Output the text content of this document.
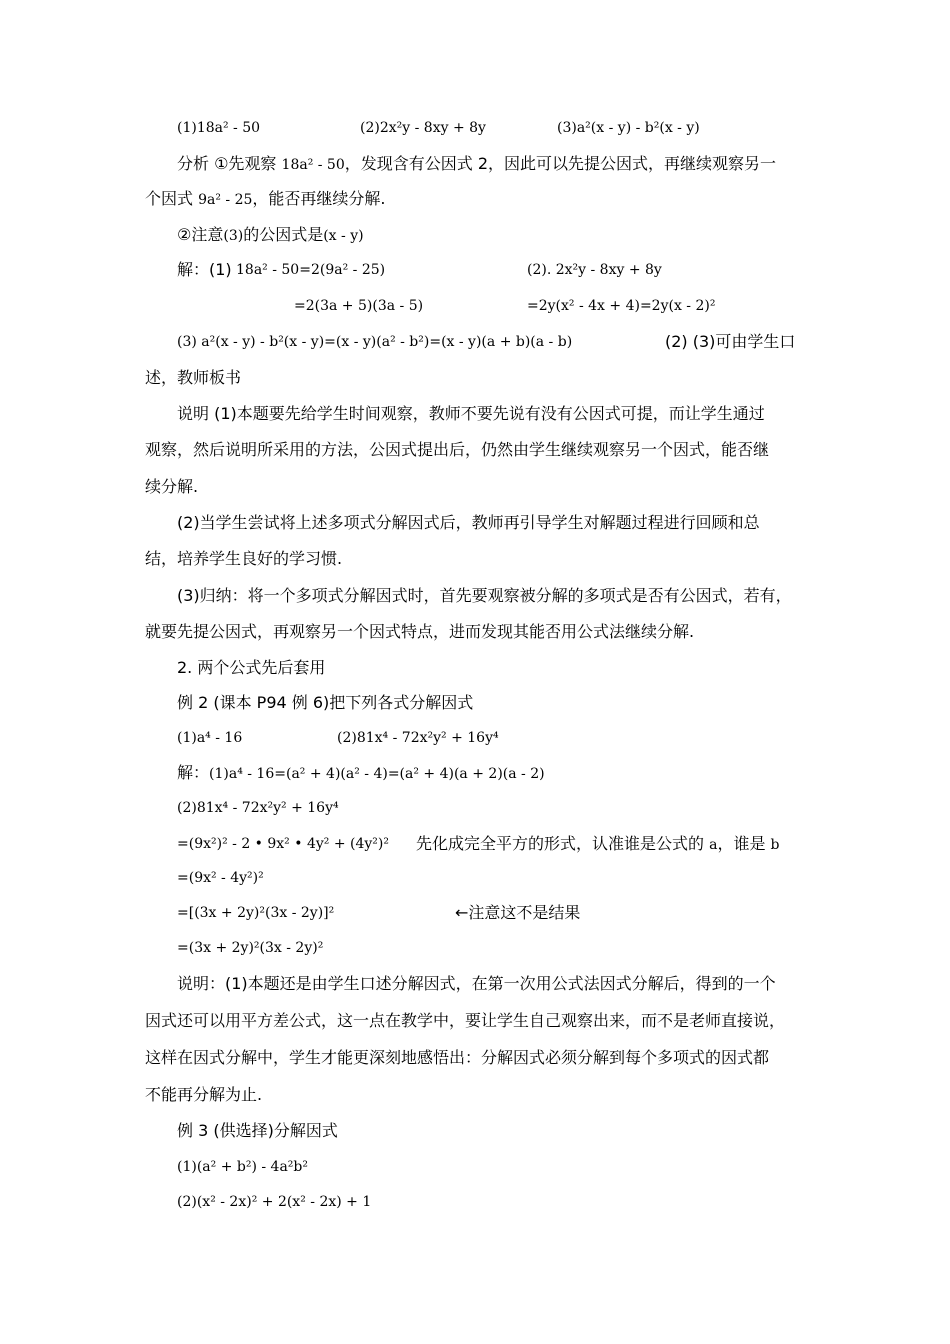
(1)18a² - 50	(2)2x²y - 8xy + 8y	(3)a²(x - y) - b²(x - y)
分析 ①先观察 18a² - 50，发现含有公因式 2，因此可以先提公因式，再继续观察另一
个因式 9a² - 25，能否再继续分解.
②注意(3)的公因式是(x - y)
解：(1) 18a² - 50=2(9a² - 25)	(2). 2x²y - 8xy + 8y
=2(3a + 5)(3a - 5)	=2y(x² - 4x + 4)=2y(x - 2)²
(3) a²(x - y) - b²(x - y)=(x - y)(a² - b²)=(x - y)(a + b)(a - b)	(2) (3)可由学生口
述，教师板书
说明 (1)本题要先给学生时间观察，教师不要先说有没有公因式可提，而让学生通过
观察，然后说明所采用的方法，公因式提出后，仍然由学生继续观察另一个因式，能否继
续分解.
(2)当学生尝试将上述多项式分解因式后，教师再引导学生对解题过程进行回顾和总
结，培养学生良好的学习惯.
(3)归纳：将一个多项式分解因式时，首先要观察被分解的多项式是否有公因式，若有，
就要先提公因式，再观察另一个因式特点，进而发现其能否用公式法继续分解.
2. 两个公式先后套用
例 2 (课本 P94 例 6)把下列各式分解因式
(1)a⁴ - 16	(2)81x⁴ - 72x²y² + 16y⁴
解：(1)a⁴ - 16=(a² + 4)(a² - 4)=(a² + 4)(a + 2)(a - 2)
(2)81x⁴ - 72x²y² + 16y⁴
=(9x²)² - 2 • 9x² • 4y² + (4y²)² 先化成完全平方的形式，认准谁是公式的 a，谁是 b
=(9x² - 4y²)²
=[(3x + 2y)²(3x - 2y)]²	←注意这不是结果
=(3x + 2y)²(3x - 2y)²
说明：(1)本题还是由学生口述分解因式，在第一次用公式法因式分解后，得到的一个
因式还可以用平方差公式，这一点在教学中，要让学生自己观察出来，而不是老师直接说，
这样在因式分解中，学生才能更深刻地感悟出：分解因式必须分解到每个多项式的因式都
不能再分解为止.
例 3 (供选择)分解因式
(1)(a² + b²) - 4a²b²
(2)(x² - 2x)² + 2(x² - 2x) + 1
